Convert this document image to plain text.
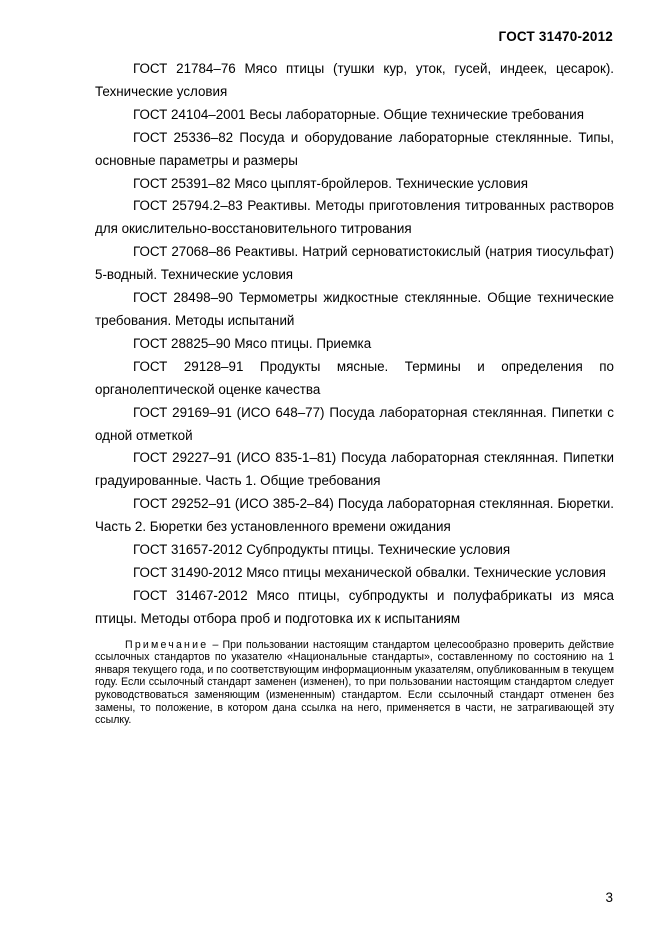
ГОСТ 31470-2012

ГОСТ 21784–76 Мясо птицы (тушки кур, уток, гусей, индеек, цесарок). Технические условия

ГОСТ 24104–2001 Весы лабораторные. Общие технические требования

ГОСТ 25336–82 Посуда и оборудование лабораторные стеклянные. Типы, основные параметры и размеры

ГОСТ 25391–82 Мясо цыплят-бройлеров. Технические условия

ГОСТ 25794.2–83 Реактивы. Методы приготовления титрованных растворов для окислительно-восстановительного титрования

ГОСТ 27068–86 Реактивы. Натрий серноватистокислый (натрия тиосульфат) 5-водный. Технические условия

ГОСТ 28498–90 Термометры жидкостные стеклянные. Общие технические требования. Методы испытаний

ГОСТ 28825–90 Мясо птицы. Приемка

ГОСТ 29128–91 Продукты мясные. Термины и определения по органолептической оценке качества

ГОСТ 29169–91 (ИСО 648–77) Посуда лабораторная стеклянная. Пипетки с одной отметкой

ГОСТ 29227–91 (ИСО 835-1–81) Посуда лабораторная стеклянная. Пипетки градуированные. Часть 1. Общие требования

ГОСТ 29252–91 (ИСО 385-2–84) Посуда лабораторная стеклянная. Бюретки. Часть 2. Бюретки без установленного времени ожидания

ГОСТ 31657-2012 Субпродукты птицы. Технические условия

ГОСТ 31490-2012 Мясо птицы механической обвалки. Технические условия

ГОСТ 31467-2012 Мясо птицы, субпродукты и полуфабрикаты из мяса птицы. Методы отбора проб и подготовка их к испытаниям

Примечание – При пользовании настоящим стандартом целесообразно проверить действие ссылочных стандартов по указателю «Национальные стандарты», составленному по состоянию на 1 января текущего года, и по соответствующим информационным указателям, опубликованным в текущем году. Если ссылочный стандарт заменен (изменен), то при пользовании настоящим стандартом следует руководствоваться заменяющим (измененным) стандартом. Если ссылочный стандарт отменен без замены, то положение, в котором дана ссылка на него, применяется в части, не затрагивающей эту ссылку.

3
